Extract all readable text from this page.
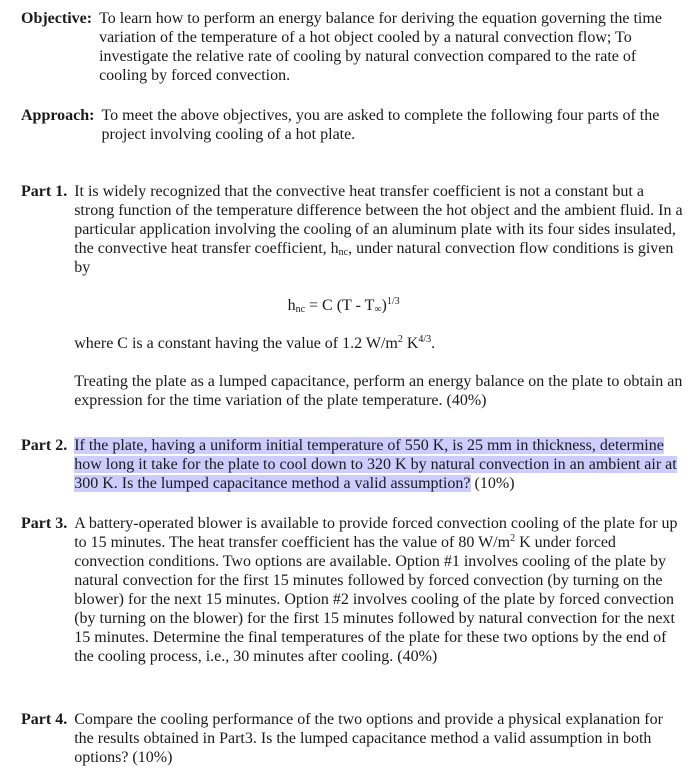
Objective: To learn how to perform an energy balance for deriving the equation governing the time variation of the temperature of a hot object cooled by a natural convection flow; To investigate the relative rate of cooling by natural convection compared to the rate of cooling by forced convection.
Approach: To meet the above objectives, you are asked to complete the following four parts of the project involving cooling of a hot plate.
Part 1. It is widely recognized that the convective heat transfer coefficient is not a constant but a strong function of the temperature difference between the hot object and the ambient fluid. In a particular application involving the cooling of an aluminum plate with its four sides insulated, the convective heat transfer coefficient, $h_{nc}$, under natural convection flow conditions is given by

$h_{nc} = C$ $(T - T_\infty)^{1/3}$

where C is a constant having the value of 1.2 $W/m^2$ $K^{4/3}$.

Treating the plate as a lumped capacitance, perform an energy balance on the plate to obtain an expression for the time variation of the plate temperature. (40%)

Part 2. If the plate, having a uniform initial temperature of 550 K, is 25 mm in thickness, determine how long it take for the plate to cool down to 320 K by natural convection in an ambient air at 300 K. Is the lumped capacitance method a valid assumption? (10%)

Part 3. A battery-operated blower is available to provide forced convection cooling of the plate for up to 15 minutes. The heat transfer coefficient has the value of 80 $W/m^2$ K under forced convection conditions. Two options are available. Option #1 involves cooling of the plate by natural convection for the first 15 minutes followed by forced convection (by turning on the blower) for the next 15 minutes. Option #2 involves cooling of the plate by forced convection (by turning on the blower) for the first 15 minutes followed by natural convection for the next 15 minutes. Determine the final temperatures of the plate for these two options by the end of the cooling process, i.e., 30 minutes after cooling. (40%)

Part 4. Compare the cooling performance of the two options and provide a physical explanation for the results obtained in Part3. Is the lumped capacitance method a valid assumption in both options? (10%)
